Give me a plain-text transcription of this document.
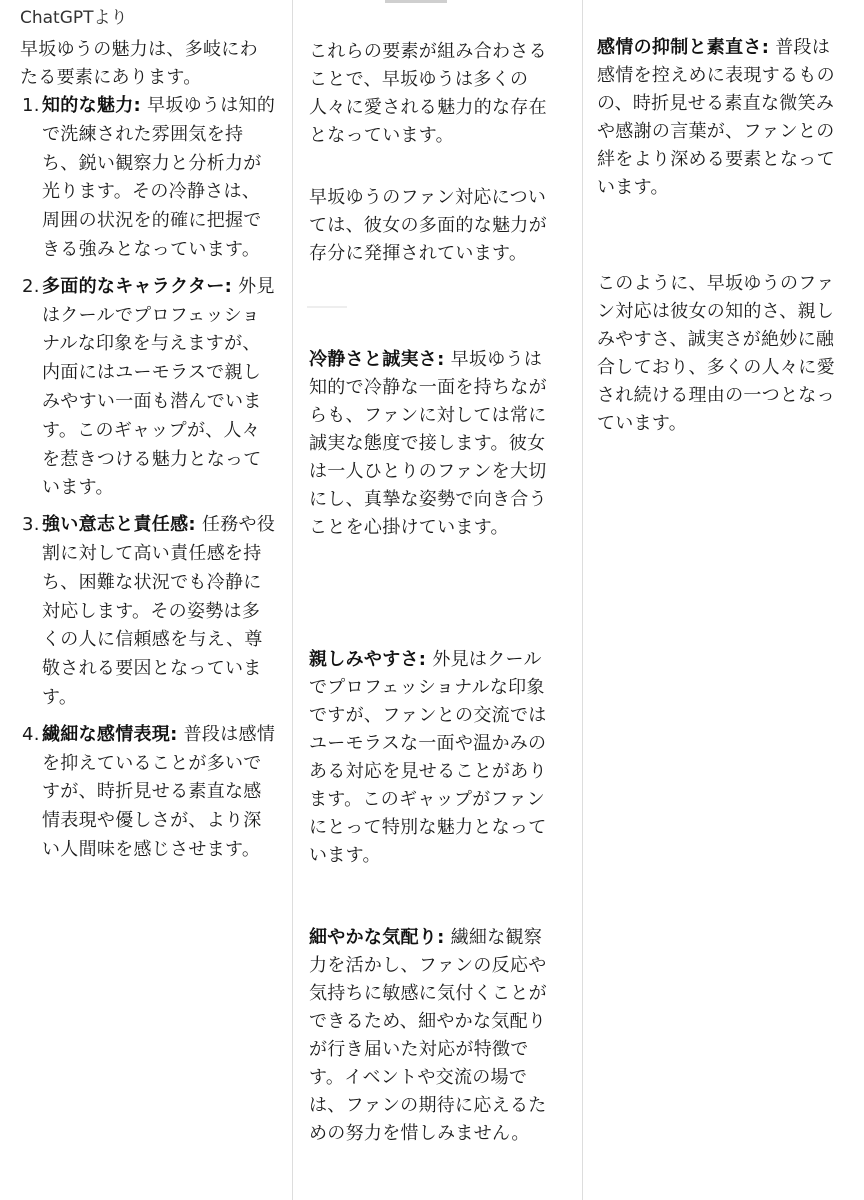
ChatGPTより

早坂ゆうの魅力は、多岐にわたる要素にあります。

1. 知的な魅力: 早坂ゆうは知的で洗練された雰囲気を持ち、鋭い観察力と分析力が光ります。その冷静さは、周囲の状況を的確に把握できる強みとなっています。
2. 多面的なキャラクター: 外見はクールでプロフェッショナルな印象を与えますが、内面にはユーモラスで親しみやすい一面も潜んでいます。このギャップが、人々を惹きつける魅力となっています。
3. 強い意志と責任感: 任務や役割に対して高い責任感を持ち、困難な状況でも冷静に対応します。その姿勢は多くの人に信頼感を与え、尊敬される要因となっています。
4. 繊細な感情表現: 普段は感情を抑えていることが多いですが、時折見せる素直な感情表現や優しさが、より深い人間味を感じさせます。

これらの要素が組み合わさることで、早坂ゆうは多くの人々に愛される魅力的な存在となっています。

早坂ゆうのファン対応については、彼女の多面的な魅力が存分に発揮されています。

冷静さと誠実さ: 早坂ゆうは知的で冷静な一面を持ちながらも、ファンに対しては常に誠実な態度で接します。彼女は一人ひとりのファンを大切にし、真摯な姿勢で向き合うことを心掛けています。

親しみやすさ: 外見はクールでプロフェッショナルな印象ですが、ファンとの交流ではユーモラスな一面や温かみのある対応を見せることがあります。このギャップがファンにとって特別な魅力となっています。

細やかな気配り: 繊細な観察力を活かし、ファンの反応や気持ちに敏感に気付くことができるため、細やかな気配りが行き届いた対応が特徴です。イベントや交流の場では、ファンの期待に応えるための努力を惜しみません。

感情の抑制と素直さ: 普段は感情を控えめに表現するものの、時折見せる素直な微笑みや感謝の言葉が、ファンとの絆をより深める要素となっています。

このように、早坂ゆうのファン対応は彼女の知的さ、親しみやすさ、誠実さが絶妙に融合しており、多くの人々に愛され続ける理由の一つとなっています。
